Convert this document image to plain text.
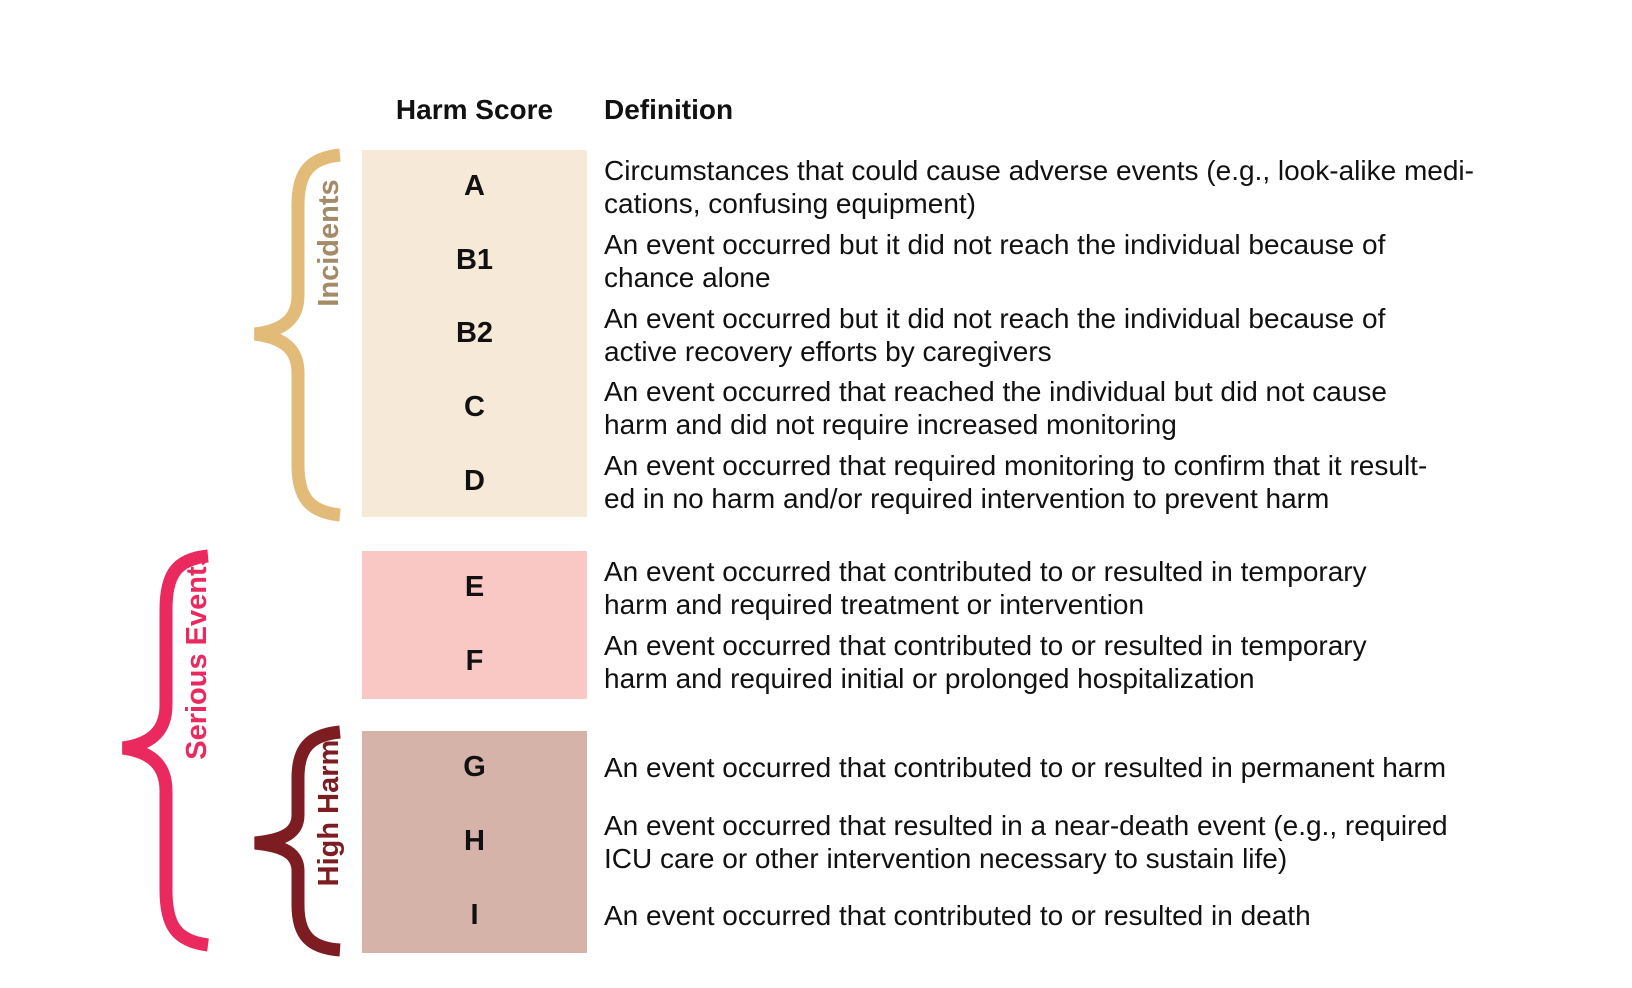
Harm Score	Definition
Incidents
Serious Events
High Harm
A
B1
B2
C
D
E
F
G
H
I
Circumstances that could cause adverse events (e.g., look-alike medi-
cations, confusing equipment)
An event occurred but it did not reach the individual because of
chance alone
An event occurred but it did not reach the individual because of
active recovery efforts by caregivers
An event occurred that reached the individual but did not cause
harm and did not require increased monitoring
An event occurred that required monitoring to confirm that it result-
ed in no harm and/or required intervention to prevent harm
An event occurred that contributed to or resulted in temporary
harm and required treatment or intervention
An event occurred that contributed to or resulted in temporary
harm and required initial or prolonged hospitalization
An event occurred that contributed to or resulted in permanent harm
An event occurred that resulted in a near-death event (e.g., required
ICU care or other intervention necessary to sustain life)
An event occurred that contributed to or resulted in death
